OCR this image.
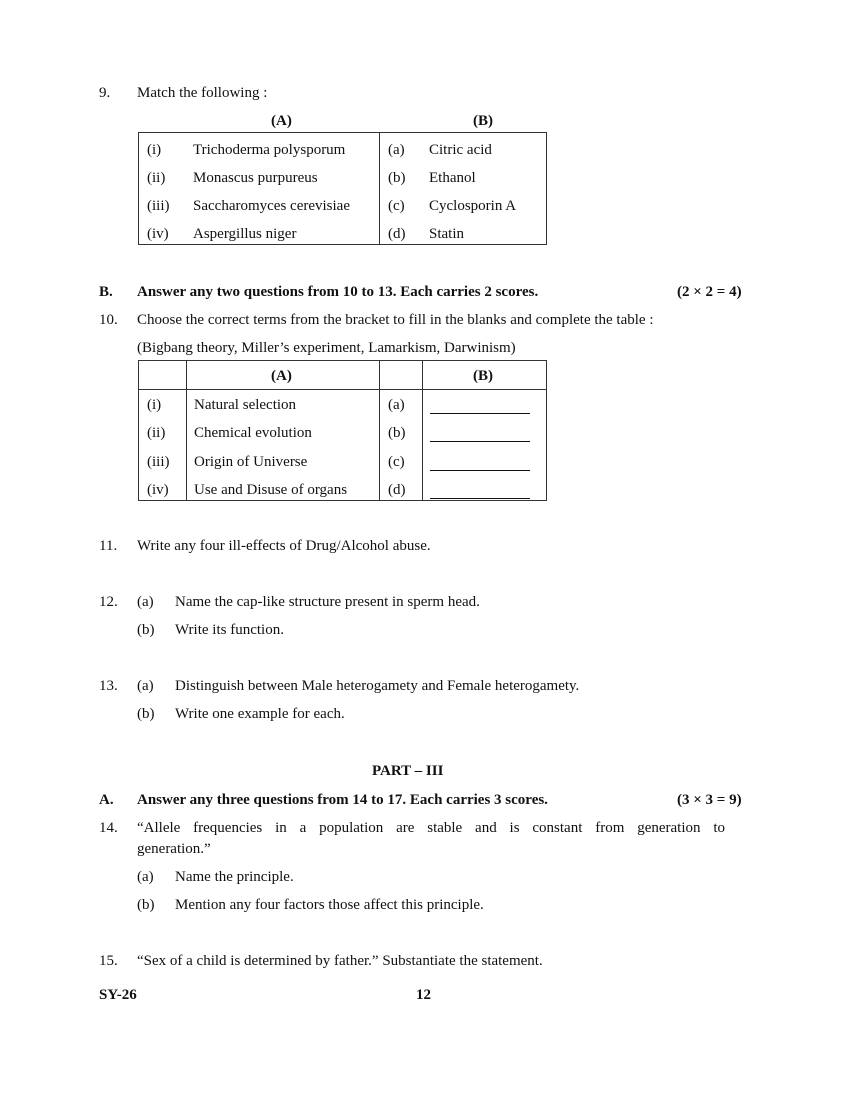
9. Match the following :
(A)	(B)
(i) Trichoderma polysporum	(a) Citric acid
(ii) Monascus purpureus	(b) Ethanol
(iii) Saccharomyces cerevisiae	(c) Cyclosporin A
(iv) Aspergillus niger	(d) Statin
B. Answer any two questions from 10 to 13. Each carries 2 scores.	(2 × 2 = 4)
10. Choose the correct terms from the bracket to fill in the blanks and complete the table :
(Bigbang theory, Miller’s experiment, Lamarkism, Darwinism)
(A)	(B)
(i) Natural selection	(a)
(ii) Chemical evolution	(b)
(iii) Origin of Universe	(c)
(iv) Use and Disuse of organs	(d)
11. Write any four ill-effects of Drug/Alcohol abuse.
12. (a) Name the cap-like structure present in sperm head.
(b) Write its function.
13. (a) Distinguish between Male heterogamety and Female heterogamety.
(b) Write one example for each.
PART – III
A. Answer any three questions from 14 to 17. Each carries 3 scores.	(3 × 3 = 9)
14. “Allele frequencies in a population are stable and is constant from generation to
generation.”
(a) Name the principle.
(b) Mention any four factors those affect this principle.
15. “Sex of a child is determined by father.” Substantiate the statement.
SY-26	12
